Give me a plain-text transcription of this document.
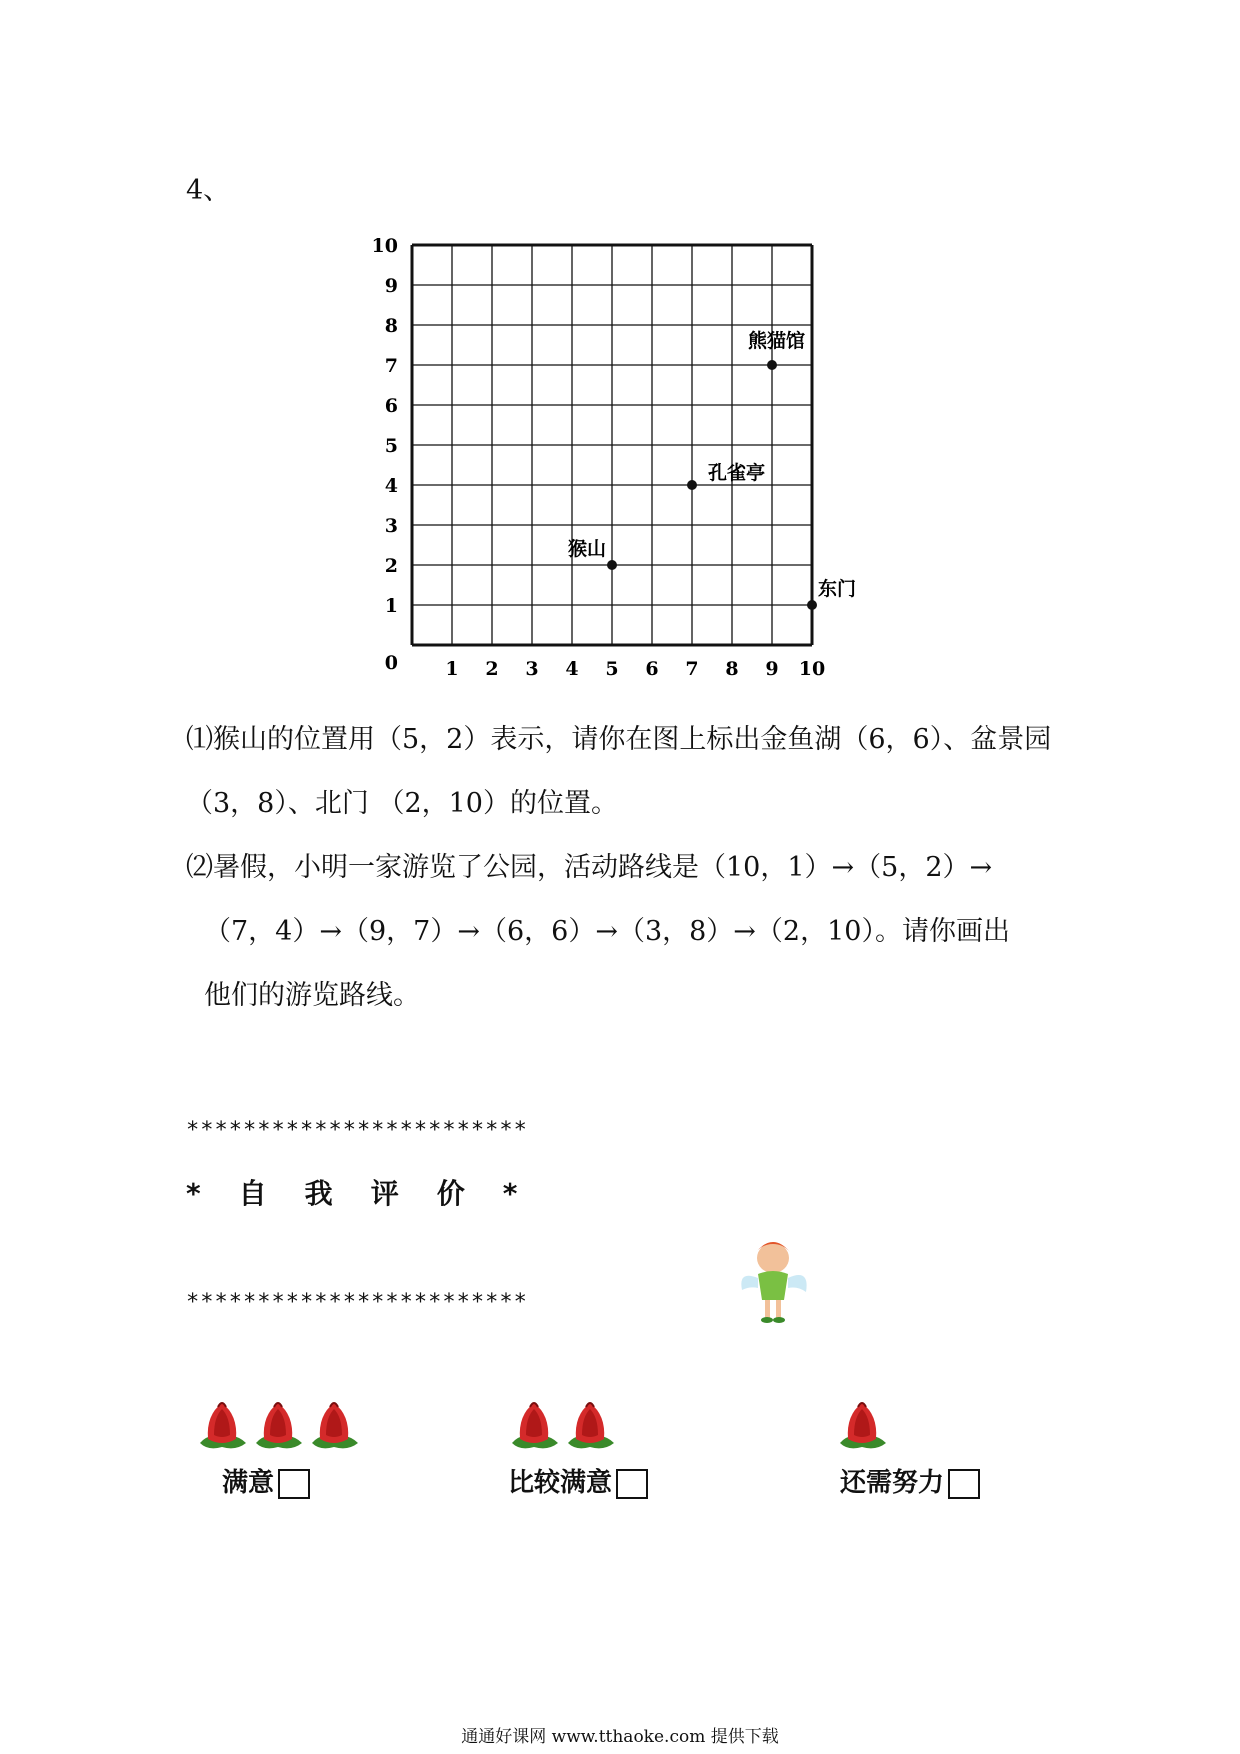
4、
10
9
8
7
6
5
4
3
2
1
0 1 2 3 4 5 6 7 8 9 10
熊猫馆
孔雀亭
猴山
东门
⑴猴山的位置用（5，2）表示，请你在图上标出金鱼湖（6，6）、盆景园（3，8）、北门 （2，10）的位置。
⑵暑假，小明一家游览了公园，活动路线是（10，1）→（5，2）→
（7，4）→（9，7）→（6，6）→（3，8）→（2，10）。请你画出
他们的游览路线。
************************
* 自 我 评 价 *
************************
满意	比较满意	还需努力
通通好课网 www.tthaoke.com 提供下载
